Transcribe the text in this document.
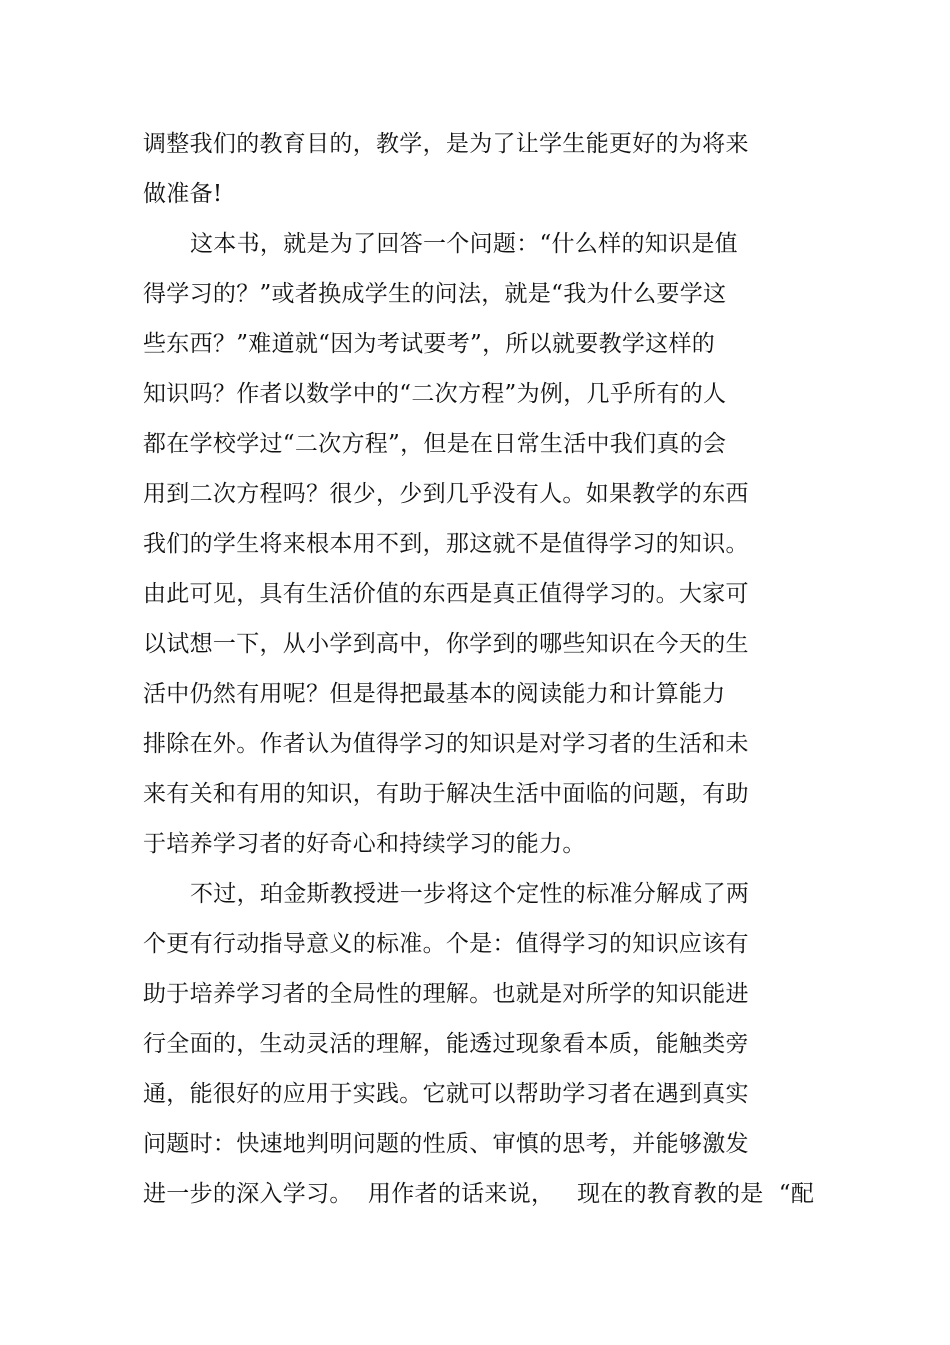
调整我们的教育目的，教学，是为了让学生能更好的为将来
做准备!
这本书，就是为了回答一个问题：“什么样的知识是值
得学习的？”或者换成学生的问法，就是“我为什么要学这
些东西？”难道就“因为考试要考”，所以就要教学这样的
知识吗？作者以数学中的“二次方程”为例，几乎所有的人
都在学校学过“二次方程”，但是在日常生活中我们真的会
用到二次方程吗？很少，少到几乎没有人。如果教学的东西
我们的学生将来根本用不到，那这就不是值得学习的知识。
由此可见，具有生活价值的东西是真正值得学习的。大家可
以试想一下，从小学到高中，你学到的哪些知识在今天的生
活中仍然有用呢？但是得把最基本的阅读能力和计算能力
排除在外。作者认为值得学习的知识是对学习者的生活和未
来有关和有用的知识，有助于解决生活中面临的问题，有助
于培养学习者的好奇心和持续学习的能力。
不过，珀金斯教授进一步将这个定性的标准分解成了两
个更有行动指导意义的标准。个是：值得学习的知识应该有
助于培养学习者的全局性的理解。也就是对所学的知识能进
行全面的，生动灵活的理解，能透过现象看本质，能触类旁
通，能很好的应用于实践。它就可以帮助学习者在遇到真实
问题时：快速地判明问题的性质、审慎的思考，并能够激发
进一步的深入学习。  用作者的话来说，   现在的教育教的是  “配
